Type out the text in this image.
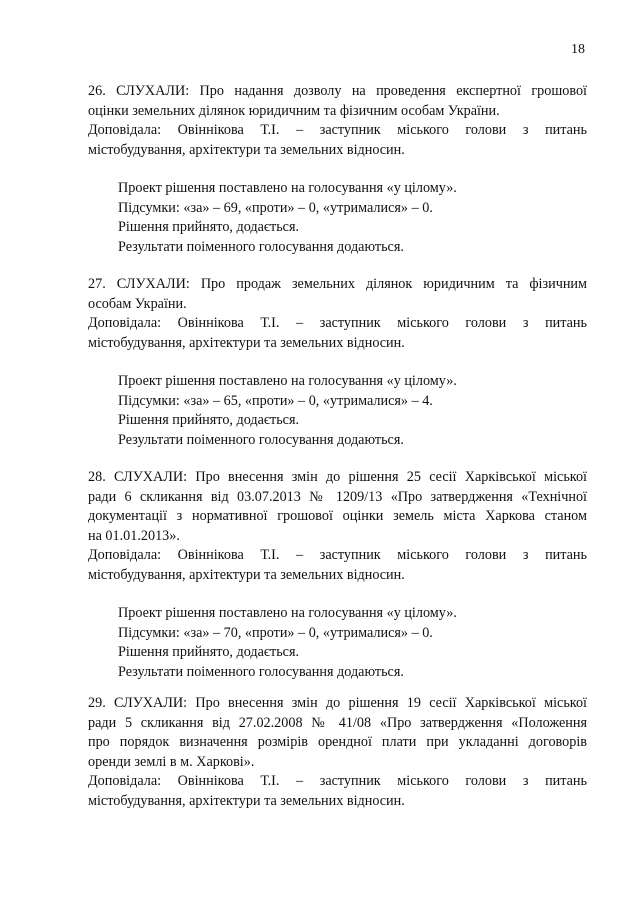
18
26. СЛУХАЛИ: Про надання дозволу на проведення експертної грошової
оцінки земельних ділянок юридичним та фізичним особам України.
Доповідала: Овіннікова Т.І. – заступник міського голови з питань
містобудування, архітектури та земельних відносин.
Проект рішення поставлено на голосування «у цілому».
Підсумки: «за» – 69, «проти» – 0, «утрималися» – 0.
Рішення прийнято, додається.
Результати поіменного голосування додаються.
27. СЛУХАЛИ: Про продаж земельних ділянок юридичним та фізичним
особам України.
Доповідала: Овіннікова Т.І. – заступник міського голови з питань
містобудування, архітектури та земельних відносин.
Проект рішення поставлено на голосування «у цілому».
Підсумки: «за» – 65, «проти» – 0, «утрималися» – 4.
Рішення прийнято, додається.
Результати поіменного голосування додаються.
28. СЛУХАЛИ: Про внесення змін до рішення 25 сесії Харківської міської
ради 6 скликання від 03.07.2013 № 1209/13 «Про затвердження «Технічної
документації з нормативної грошової оцінки земель міста Харкова станом
на 01.01.2013».
Доповідала: Овіннікова Т.І. – заступник міського голови з питань
містобудування, архітектури та земельних відносин.
Проект рішення поставлено на голосування «у цілому».
Підсумки: «за» – 70, «проти» – 0, «утрималися» – 0.
Рішення прийнято, додається.
Результати поіменного голосування додаються.
29. СЛУХАЛИ: Про внесення змін до рішення 19 сесії Харківської міської
ради 5 скликання від 27.02.2008 № 41/08 «Про затвердження «Положення
про порядок визначення розмірів орендної плати при укладанні договорів
оренди землі в м. Харкові».
Доповідала: Овіннікова Т.І. – заступник міського голови з питань
містобудування, архітектури та земельних відносин.
